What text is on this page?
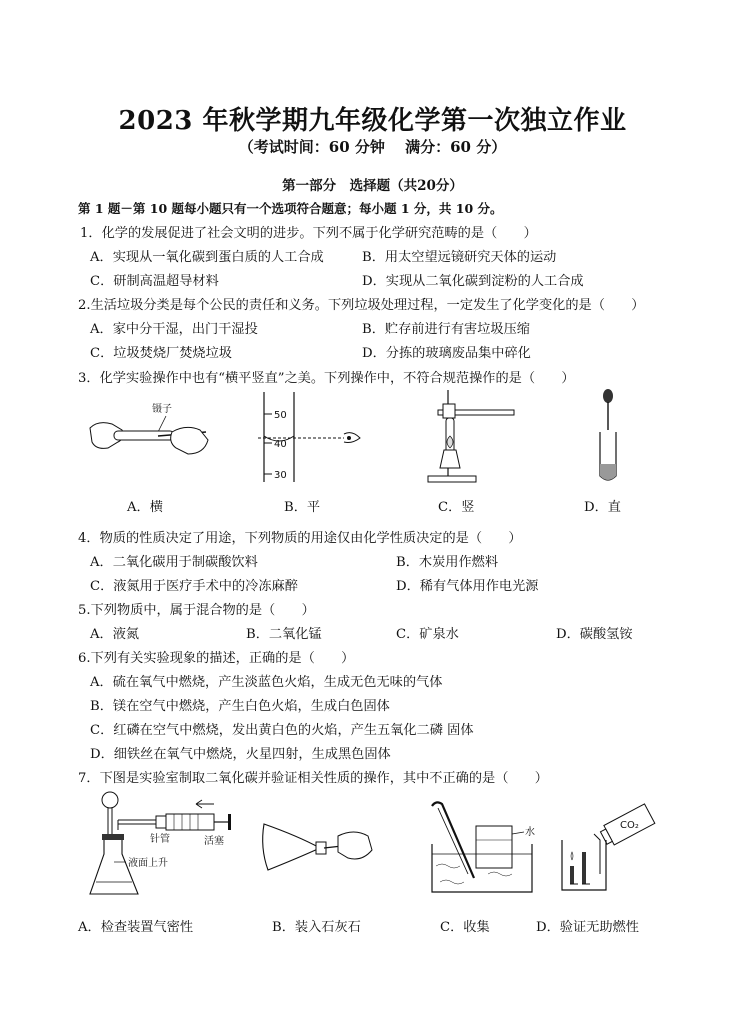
2023 年秋学期九年级化学第一次独立作业
（考试时间：60 分钟　 满分：60 分）
第一部分　选择题（共20分）
第 1 题－第 10 题每小题只有一个选项符合题意；每小题 1 分，共 10 分。
1．化学的发展促进了社会文明的进步。下列不属于化学研究范畴的是（　　）
A．实现从一氧化碳到蛋白质的人工合成	B．用太空望远镜研究天体的运动
C．研制高温超导材料	D．实现从二氧化碳到淀粉的人工合成
2.生活垃圾分类是每个公民的责任和义务。下列垃圾处理过程，一定发生了化学变化的是（　　）
A．家中分干湿，出门干湿投	B．贮存前进行有害垃圾压缩
C．垃圾焚烧厂焚烧垃圾	D．分拣的玻璃废品集中碎化
3．化学实验操作中也有“横平竖直”之美。下列操作中，不符合规范操作的是（　　）
镊子
50
40
30
A．横	B．平	C．竖	D．直
4．物质的性质决定了用途，下列物质的用途仅由化学性质决定的是（　　）
A．二氧化碳用于制碳酸饮料	B．木炭用作燃料
C．液氮用于医疗手术中的冷冻麻醉	D．稀有气体用作电光源
5.下列物质中，属于混合物的是（　　）
A．液氮	B．二氧化锰	C．矿泉水	D．碳酸氢铵
6.下列有关实验现象的描述，正确的是（　　）
A．硫在氧气中燃烧，产生淡蓝色火焰，生成无色无味的气体
B．镁在空气中燃烧，产生白色火焰，生成白色固体
C．红磷在空气中燃烧，发出黄白色的火焰，产生五氧化二磷 固体
D．细铁丝在氧气中燃烧，火星四射，生成黑色固体
7．下图是实验室制取二氧化碳并验证相关性质的操作，其中不正确的是（　　）
针管	活塞
液面上升
水
CO₂
A．检查装置气密性	B．装入石灰石	C．收集	D．验证无助燃性
